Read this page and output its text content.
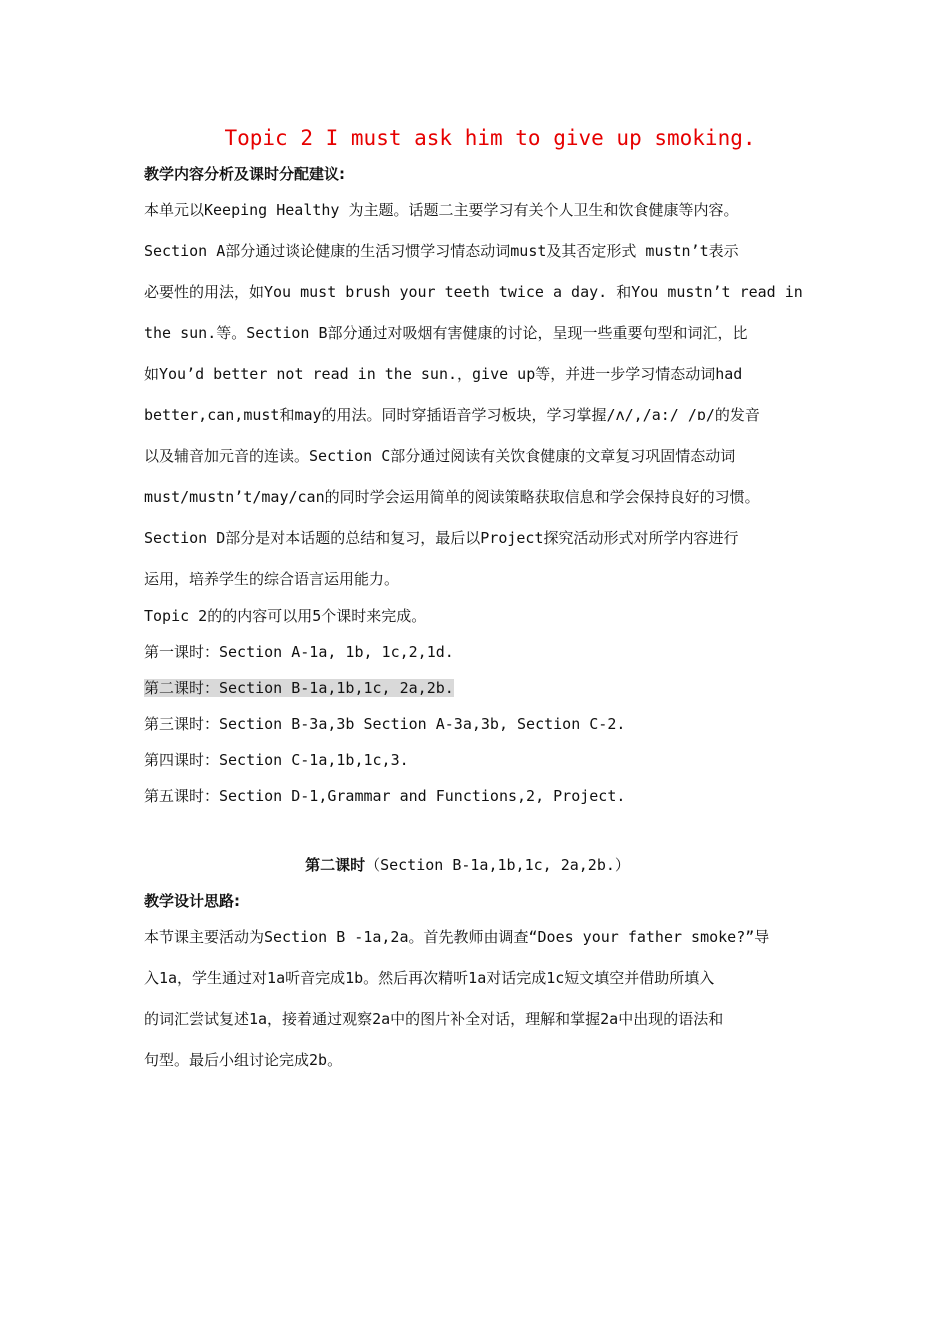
Topic 2 I must ask him to give up smoking.
教学内容分析及课时分配建议:
本单元以Keeping Healthy 为主题。话题二主要学习有关个人卫生和饮食健康等内容。
Section A部分通过谈论健康的生活习惯学习情态动词must及其否定形式 mustn’t表示
必要性的用法，如You must brush your teeth twice a day. 和You mustn’t read in
the sun.等。Section B部分通过对吸烟有害健康的讨论，呈现一些重要句型和词汇，比
如You’d better not read in the sun.，give up等，并进一步学习情态动词had
better,can,must和may的用法。同时穿插语音学习板块，学习掌握/ʌ/,/a:/ /ɒ/的发音
以及辅音加元音的连读。Section C部分通过阅读有关饮食健康的文章复习巩固情态动词
must/mustn’t/may/can的同时学会运用简单的阅读策略获取信息和学会保持良好的习惯。
Section D部分是对本话题的总结和复习，最后以Project探究活动形式对所学内容进行
运用，培养学生的综合语言运用能力。
Topic 2的的内容可以用5个课时来完成。
第一课时：Section A-1a, 1b, 1c,2,1d.
第二课时：Section B-1a,1b,1c, 2a,2b.
第三课时：Section B-3a,3b Section A-3a,3b, Section C-2.
第四课时：Section C-1a,1b,1c,3.
第五课时：Section D-1,Grammar and Functions,2, Project.
第二课时（Section B-1a,1b,1c, 2a,2b.）
教学设计思路:
本节课主要活动为Section B -1a,2a。首先教师由调查“Does your father smoke?”导
入1a，学生通过对1a听音完成1b。然后再次精听1a对话完成1c短文填空并借助所填入
的词汇尝试复述1a，接着通过观察2a中的图片补全对话，理解和掌握2a中出现的语法和
句型。最后小组讨论完成2b。
